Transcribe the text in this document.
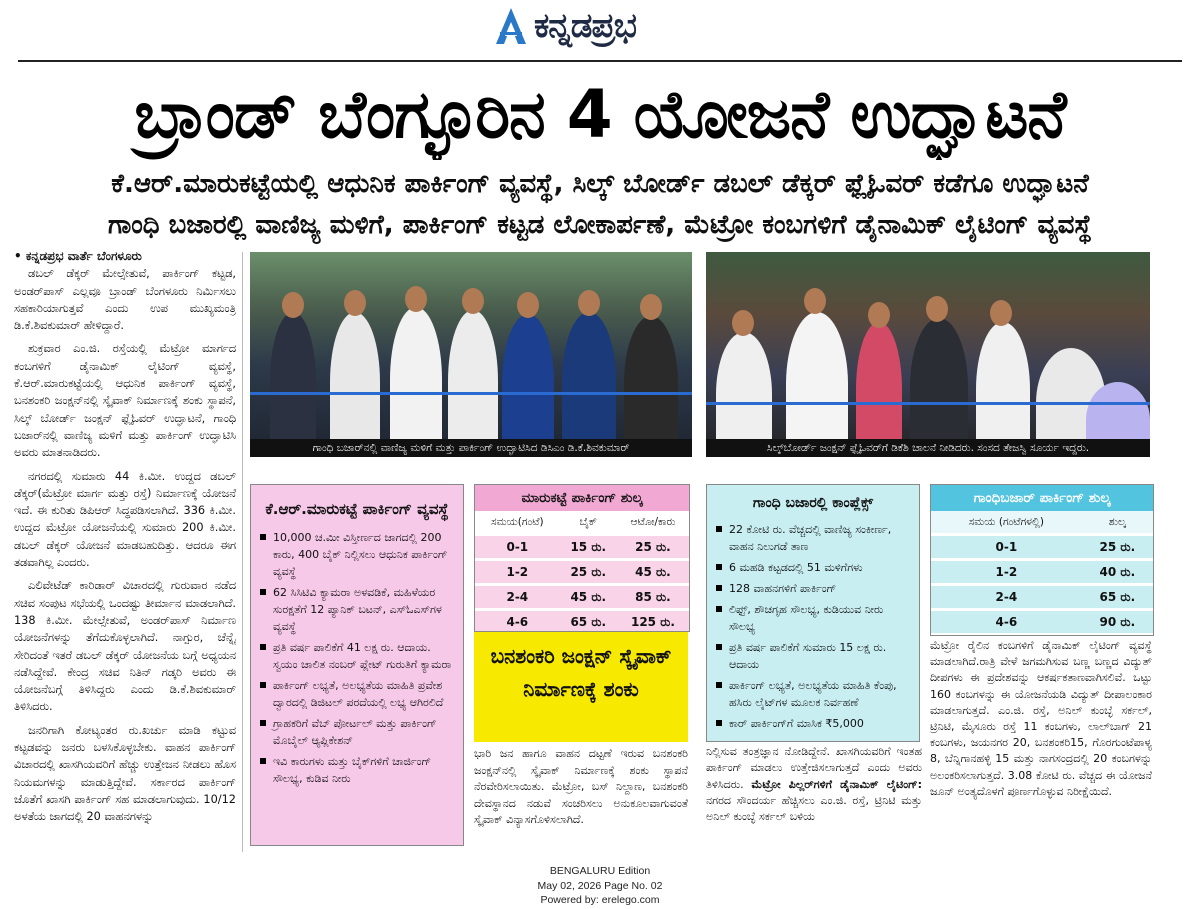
ಕನ್ನಡಪ್ರಭ
ಬ್ರಾಂಡ್ ಬೆಂಗ್ಳೂರಿನ 4 ಯೋಜನೆ ಉದ್ಘಾಟನೆ
ಕೆ.ಆರ್.ಮಾರುಕಟ್ಟೆಯಲ್ಲಿ ಆಧುನಿಕ ಪಾರ್ಕಿಂಗ್ ವ್ಯವಸ್ಥೆ, ಸಿಲ್ಕ್ ಬೋರ್ಡ್ ಡಬಲ್ ಡೆಕ್ಕರ್ ಫ್ಲೈಓವರ್ ಕಡೆಗೂ ಉದ್ಘಾಟನೆ
ಗಾಂಧಿ ಬಜಾರಲ್ಲಿ ವಾಣಿಜ್ಯ ಮಳಿಗೆ, ಪಾರ್ಕಿಂಗ್ ಕಟ್ಟಡ ಲೋಕಾರ್ಪಣೆ, ಮೆಟ್ರೋ ಕಂಬಗಳಿಗೆ ಡೈನಾಮಿಕ್ ಲೈಟಿಂಗ್ ವ್ಯವಸ್ಥೆ
• ಕನ್ನಡಪ್ರಭ ವಾರ್ತೆ ಬೆಂಗಳೂರು

ಡಬಲ್ ಡೆಕ್ಕರ್ ಮೇಲ್ಸೇತುವೆ, ಪಾರ್ಕಿಂಗ್ ಕಟ್ಟಡ, ಅಂಡರ್‌ಪಾಸ್ ಎಲ್ಲವೂ ಬ್ರಾಂಡ್ ಬೆಂಗಳೂರು ನಿರ್ಮಿಸಲು ಸಹಕಾರಿಯಾಗುತ್ತವೆ ಎಂದು ಉಪ ಮುಖ್ಯಮಂತ್ರಿ ಡಿ.ಕೆ.ಶಿವಕುಮಾರ್ ಹೇಳಿದ್ದಾರೆ.

ಶುಕ್ರವಾರ ಎಂ.ಜಿ. ರಸ್ತೆಯಲ್ಲಿ ಮೆಟ್ರೋ ಮಾರ್ಗದ ಕಂಬಗಳಿಗೆ ಡೈನಾಮಿಕ್ ಲೈಟಿಂಗ್ ವ್ಯವಸ್ಥೆ, ಕೆ.ಆರ್.ಮಾರುಕಟ್ಟೆಯಲ್ಲಿ ಆಧುನಿಕ ಪಾರ್ಕಿಂಗ್ ವ್ಯವಸ್ಥೆ, ಬನಶಂಕರಿ ಜಂಕ್ಷನ್‌ನಲ್ಲಿ ಸ್ಕೈವಾಕ್ ನಿರ್ಮಾಣಕ್ಕೆ ಶಂಕು ಸ್ಥಾಪನೆ, ಸಿಲ್ಕ್ ಬೋರ್ಡ್ ಜಂಕ್ಷನ್ ಫ್ಲೈಓವರ್ ಉದ್ಘಾಟನೆ, ಗಾಂಧಿ ಬಜಾರ್‌ನಲ್ಲಿ ವಾಣಿಜ್ಯ ಮಳಿಗೆ ಮತ್ತು ಪಾರ್ಕಿಂಗ್ ಉದ್ಘಾಟಿಸಿ ಅವರು ಮಾತನಾಡಿದರು.

ನಗರದಲ್ಲಿ ಸುಮಾರು 44 ಕಿ.ಮೀ. ಉದ್ದದ ಡಬಲ್ ಡೆಕ್ಕರ್(ಮೆಟ್ರೋ ಮಾರ್ಗ ಮತ್ತು ರಸ್ತೆ) ನಿರ್ಮಾಣಕ್ಕೆ ಯೋಜನೆ ಇದೆ. ಈ ಕುರಿತು ಡಿಪಿಆರ್ ಸಿದ್ಧಪಡಿಸಲಾಗಿದೆ. 336 ಕಿ.ಮೀ. ಉದ್ದದ ಮೆಟ್ರೋ ಯೋಜನೆಯಲ್ಲಿ ಸುಮಾರು 200 ಕಿ.ಮೀ. ಡಬಲ್ ಡೆಕ್ಕರ್ ಯೋಜನೆ ಮಾಡಬಹುದಿತ್ತು. ಆದರೂ ಈಗ ತಡವಾಗಿಲ್ಲ ಎಂದರು.

ಎಲಿವೇಟೆಡ್ ಕಾರಿಡಾರ್ ವಿಚಾರದಲ್ಲಿ ಗುರುವಾರ ನಡೆದ ಸಚಿವ ಸಂಪುಟ ಸಭೆಯಲ್ಲಿ ಒಂದಷ್ಟು ತೀರ್ಮಾನ ಮಾಡಲಾಗಿದೆ. 138 ಕಿ.ಮೀ. ಮೇಲ್ಸೇತುವೆ, ಅಂಡರ್‌ಪಾಸ್ ನಿರ್ಮಾಣ ಯೋಜನೆಗಳನ್ನು ತೆಗೆದುಕೊಳ್ಳಲಾಗಿದೆ. ನಾಗ್ಪುರ, ಚೆನ್ನೈ ಸೇರಿದಂತೆ ಇತರೆ ಡಬಲ್ ಡೆಕ್ಕರ್ ಯೋಜನೆಯ ಬಗ್ಗೆ ಅಧ್ಯಯನ ನಡೆಸಿದ್ದೇವೆ. ಕೇಂದ್ರ ಸಚಿವ ನಿತಿನ್ ಗಡ್ಕರಿ ಅವರು ಈ ಯೋಜನೆಬಗ್ಗೆ ತಿಳಿಸಿದ್ದರು ಎಂದು ಡಿ.ಕೆ.ಶಿವಕುಮಾರ್ ತಿಳಿಸಿದರು.

ಜನರಿಗಾಗಿ ಕೋಟ್ಯಂತರ ರು.ಖರ್ಚು ಮಾಡಿ ಕಟ್ಟುವ ಕಟ್ಟಡವನ್ನು ಜನರು ಬಳಸಿಕೊಳ್ಳಬೇಕು. ವಾಹನ ಪಾರ್ಕಿಂಗ್ ವಿಚಾರದಲ್ಲಿ ಖಾಸಗಿಯವರಿಗೆ ಹೆಚ್ಚು ಉತ್ತೇಜನ ನೀಡಲು ಹೊಸ ನಿಯಮಗಳನ್ನು ಮಾಡುತ್ತಿದ್ದೇವೆ. ಸರ್ಕಾರದ ಪಾರ್ಕಿಂಗ್ ಜೊತೆಗೆ ಖಾಸಗಿ ಪಾರ್ಕಿಂಗ್ ಸಹ ಮಾಡಲಾಗುವುದು. 10/12 ಅಳತೆಯ ಜಾಗದಲ್ಲಿ 20 ವಾಹನಗಳನ್ನು

ಗಾಂಧಿ ಬಜಾರ್‌ನಲ್ಲಿ ವಾಣಿಜ್ಯ ಮಳಿಗೆ ಮತ್ತು ಪಾರ್ಕಿಂಗ್ ಉದ್ಘಾಟಿಸಿದ ಡಿಸಿಎಂ ಡಿ.ಕೆ.ಶಿವಕುಮಾರ್	ಸಿಲ್ಕ್‌ಬೋರ್ಡ್ ಜಂಕ್ಷನ್ ಫ್ಲೈಓವರ್‌ಗೆ ಡಿಕೆಶಿ ಚಾಲನೆ ನೀಡಿದರು. ಸಂಸದ ತೇಜಸ್ವಿ ಸೂರ್ಯ ಇದ್ದರು.
ಕೆ.ಆರ್.ಮಾರುಕಟ್ಟೆ ಪಾರ್ಕಿಂಗ್ ವ್ಯವಸ್ಥೆ
10,000 ಚ.ಮೀ ವಿಸ್ತೀರ್ಣದ ಜಾಗದಲ್ಲಿ 200 ಕಾರು, 400 ಬೈಕ್ ನಿಲ್ಲಿಸಲು ಆಧುನಿಕ ಪಾರ್ಕಿಂಗ್ ವ್ಯವಸ್ಥೆ
62 ಸಿಸಿಟಿವಿ ಕ್ಯಾಮರಾ ಅಳವಡಿಕೆ, ಮಹಿಳೆಯರ ಸುರಕ್ಷತೆಗೆ 12 ಪ್ಯಾನಿಕ್ ಬಟನ್, ಎಸ್‌ಓಎಸ್‌ಗಳ ವ್ಯವಸ್ಥೆ
ಪ್ರತಿ ವರ್ಷ ಪಾಲಿಕೆಗೆ 41 ಲಕ್ಷ ರು. ಆದಾಯ. ಸ್ವಯಂ ಚಾಲಿತ ನಂಬರ್ ಪ್ಲೇಟ್ ಗುರುತಿಗೆ ಕ್ಯಾಮರಾ
ಪಾರ್ಕಿಂಗ್ ಲಭ್ಯತೆ, ಅಲಭ್ಯತೆಯ ಮಾಹಿತಿ ಪ್ರವೇಶ ದ್ವಾರದಲ್ಲಿ ಡಿಜಿಟಲ್ ಪರದೆಯಲ್ಲಿ ಲಭ್ಯ ಆಗಿರಲಿದೆ
ಗ್ರಾಹಕರಿಗೆ ವೆಬ್ ಪೋರ್ಟಲ್ ಮತ್ತು ಪಾರ್ಕಿಂಗ್ ಮೊಬೈಲ್ ಆ್ಯಪ್ಲಿಕೇಶನ್
ಇವಿ ಕಾರುಗಳು ಮತ್ತು ಬೈಕ್‌ಗಳಿಗೆ ಚಾರ್ಜಿಂಗ್ ಸೌಲಭ್ಯ, ಕುಡಿವ ನೀರು
ಮಾರುಕಟ್ಟೆ ಪಾರ್ಕಿಂಗ್ ಶುಲ್ಕ
ಸಮಯ(ಗಂಟೆ)	ಬೈಕ್	ಆಟೋ/ಕಾರು
0-1	15 ರು.	25 ರು.
1-2	25 ರು.	45 ರು.
2-4	45 ರು.	85 ರು.
4-6	65 ರು.	125 ರು.
ಬನಶಂಕರಿ ಜಂಕ್ಷನ್ ಸ್ಕೈವಾಕ್ ನಿರ್ಮಾಣಕ್ಕೆ ಶಂಕು
ಭಾರಿ ಜನ ಹಾಗೂ ವಾಹನ ದಟ್ಟಣೆ ಇರುವ ಬನಶಂಕರಿ ಜಂಕ್ಷನ್‌ನಲ್ಲಿ ಸ್ಕೈವಾಕ್ ನಿರ್ಮಾಣಕ್ಕೆ ಶಂಕು ಸ್ಥಾಪನೆ ನೆರವೇರಿಸಲಾಯಿತು. ಮೆಟ್ರೋ, ಬಸ್ ನಿಲ್ದಾಣ, ಬನಶಂಕರಿ ದೇವಸ್ಥಾನದ ನಡುವೆ ಸಂಚರಿಸಲು ಅನುಕೂಲವಾಗುವಂತೆ ಸ್ಕೈವಾಕ್ ವಿನ್ಯಾಸಗೊಳಿಸಲಾಗಿದೆ.
ಗಾಂಧಿ ಬಜಾರಲ್ಲಿ ಕಾಂಪ್ಲೆಕ್ಸ್
22 ಕೋಟಿ ರು. ವೆಚ್ಚದಲ್ಲಿ ವಾಣಿಜ್ಯ ಸಂಕೀರ್ಣ, ವಾಹನ ನಿಲುಗಡೆ ತಾಣ
6 ಮಹಡಿ ಕಟ್ಟಡದಲ್ಲಿ 51 ಮಳಿಗೆಗಳು
128 ವಾಹನಗಳಿಗೆ ಪಾರ್ಕಿಂಗ್
ಲಿಫ್ಟ್, ಶೌಚಗೃಹ ಸೌಲಭ್ಯ, ಕುಡಿಯುವ ನೀರು ಸೌಲಭ್ಯ
ಪ್ರತಿ ವರ್ಷ ಪಾಲಿಕೆಗೆ ಸುಮಾರು 15 ಲಕ್ಷ ರು. ಆದಾಯ
ಪಾರ್ಕಿಂಗ್ ಲಭ್ಯತೆ, ಅಲಭ್ಯತೆಯ ಮಾಹಿತಿ ಕೆಂಪು, ಹಸಿರು ಲೈಟ್‌ಗಳ ಮೂಲಕ ನಿರ್ವಹಣೆ
ಕಾರ್ ಪಾರ್ಕಿಂಗ್‌ಗೆ ಮಾಸಿಕ ₹5,000
ನಿಲ್ಲಿಸುವ ತಂತ್ರಜ್ಞಾನ ನೋಡಿದ್ದೇನೆ. ಖಾಸಗಿಯವರಿಗೆ ಇಂತಹ ಪಾರ್ಕಿಂಗ್ ಮಾಡಲು ಉತ್ತೇಜಿಸಲಾಗುತ್ತದೆ ಎಂದು ಅವರು ತಿಳಿಸಿದರು. ಮೆಟ್ರೋ ಪಿಲ್ಲರ್‌ಗಳಿಗೆ ಡೈನಾಮಿಕ್ ಲೈಟಿಂಗ್: ನಗರದ ಸೌಂದರ್ಯ ಹೆಚ್ಚಿಸಲು ಎಂ.ಜಿ. ರಸ್ತೆ, ಟ್ರಿನಿಟಿ ಮತ್ತು ಅನಿಲ್ ಕುಂಬ್ಳೆ ಸರ್ಕಲ್ ಬಳಿಯ
ಗಾಂಧಿಬಜಾರ್ ಪಾರ್ಕಿಂಗ್ ಶುಲ್ಕ
ಸಮಯ (ಗಂಟೆಗಳಲ್ಲಿ)	ಶುಲ್ಕ
0-1	25 ರು.
1-2	40 ರು.
2-4	65 ರು.
4-6	90 ರು.
ಮೆಟ್ರೋ ರೈಲಿನ ಕಂಬಗಳಿಗೆ ಡೈನಾಮಿಕ್ ಲೈಟಿಂಗ್ ವ್ಯವಸ್ಥೆ ಮಾಡಲಾಗಿದೆ.ರಾತ್ರಿ ವೇಳೆ ಜಗಮಗಿಸುವ ಬಣ್ಣ ಬಣ್ಣದ ವಿದ್ಯುತ್ ದೀಪಗಳು ಈ ಪ್ರದೇಶವನ್ನು ಆಕರ್ಷಕತಾಣವಾಗಿಸಲಿವೆ. ಒಟ್ಟು 160 ಕಂಬಗಳನ್ನು ಈ ಯೋಜನೆಯಡಿ ವಿದ್ಯುತ್ ದೀಪಾಲಂಕಾರ ಮಾಡಲಾಗುತ್ತದೆ. ಎಂ.ಜಿ. ರಸ್ತೆ, ಅನಿಲ್ ಕುಂಬ್ಳೆ ಸರ್ಕಲ್, ಟ್ರಿನಿಟಿ, ಮೈಸೂರು ರಸ್ತೆ 11 ಕಂಬಗಳು, ಲಾಲ್‌ಬಾಗ್ 21 ಕಂಬಗಳು, ಜಯನಗರ 20, ಬನಶಂಕರಿ15, ಗೊರಗುಂಟೆಪಾಳ್ಯ 8, ಬೆನ್ನಿಗಾನಹಳ್ಳಿ 15 ಮತ್ತು ನಾಗಸಂದ್ರದಲ್ಲಿ 20 ಕಂಬಗಳನ್ನು ಅಲಂಕರಿಸಲಾಗುತ್ತದೆ. 3.08 ಕೋಟಿ ರು. ವೆಚ್ಚದ ಈ ಯೋಜನೆ ಜೂನ್ ಅಂತ್ಯದೊಳಗೆ ಪೂರ್ಣಗೊಳ್ಳುವ ನಿರೀಕ್ಷೆಯಿದೆ.
BENGALURU Edition
May 02, 2026 Page No. 02
Powered by: erelego.com
